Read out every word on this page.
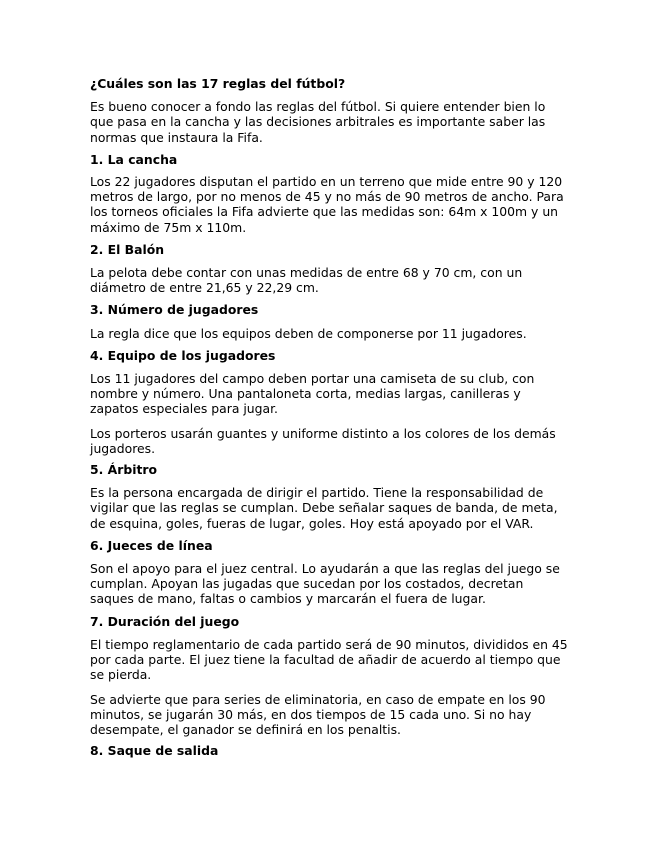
¿Cuáles son las 17 reglas del fútbol?

Es bueno conocer a fondo las reglas del fútbol. Si quiere entender bien lo que pasa en la cancha y las decisiones arbitrales es importante saber las normas que instaura la Fifa.

1. La cancha

Los 22 jugadores disputan el partido en un terreno que mide entre 90 y 120 metros de largo, por no menos de 45 y no más de 90 metros de ancho. Para los torneos oficiales la Fifa advierte que las medidas son: 64m x 100m y un máximo de 75m x 110m.

2. El Balón

La pelota debe contar con unas medidas de entre 68 y 70 cm, con un diámetro de entre 21,65 y 22,29 cm.

3. Número de jugadores

La regla dice que los equipos deben de componerse por 11 jugadores.

4. Equipo de los jugadores

Los 11 jugadores del campo deben portar una camiseta de su club, con nombre y número. Una pantaloneta corta, medias largas, canilleras y zapatos especiales para jugar.

Los porteros usarán guantes y uniforme distinto a los colores de los demás jugadores.

5. Árbitro

Es la persona encargada de dirigir el partido. Tiene la responsabilidad de vigilar que las reglas se cumplan. Debe señalar saques de banda, de meta, de esquina, goles, fueras de lugar, goles. Hoy está apoyado por el VAR.

6. Jueces de línea

Son el apoyo para el juez central. Lo ayudarán a que las reglas del juego se cumplan. Apoyan las jugadas que sucedan por los costados, decretan saques de mano, faltas o cambios y marcarán el fuera de lugar.

7. Duración del juego

El tiempo reglamentario de cada partido será de 90 minutos, divididos en 45 por cada parte. El juez tiene la facultad de añadir de acuerdo al tiempo que se pierda.

Se advierte que para series de eliminatoria, en caso de empate en los 90 minutos, se jugarán 30 más, en dos tiempos de 15 cada uno. Si no hay desempate, el ganador se definirá en los penaltis.

8. Saque de salida
